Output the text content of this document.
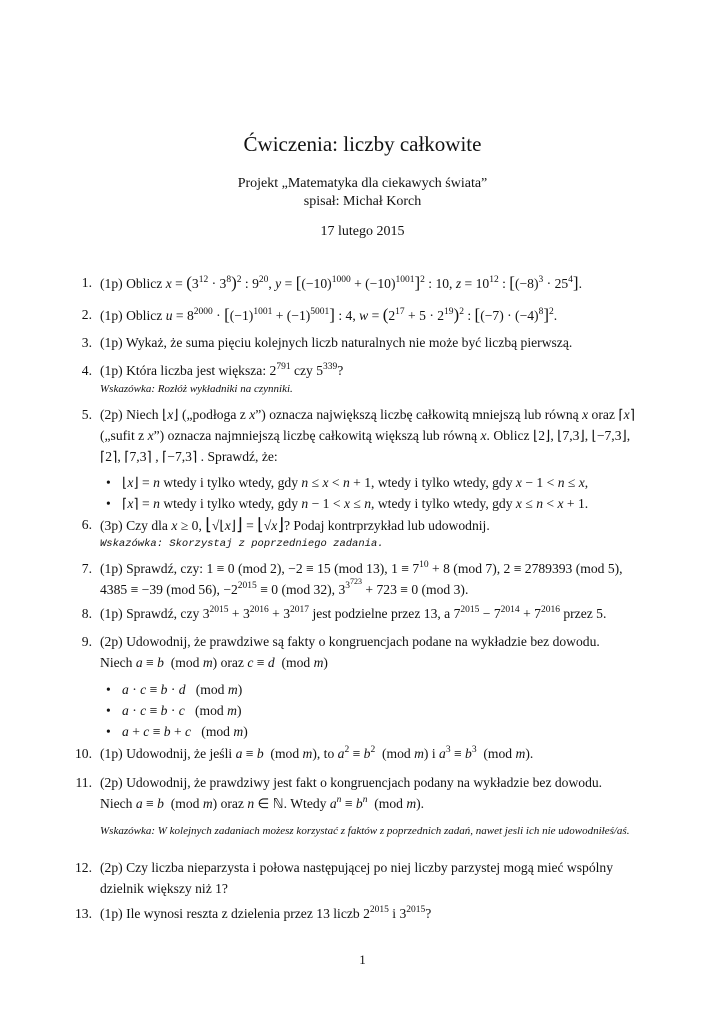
Ćwiczenia: liczby całkowite
Projekt „Matematyka dla ciekawych świata”
spisał: Michał Korch
17 lutego 2015
1. (1p) Oblicz $x = (3^{12} \cdot 3^8)^2$ : $9^{20}$, $y = [(-10)^{1000} + (-10)^{1001}]^2$ : 10, $z = 10^{12}$ : $[(-8)^3 \cdot 25^4]$.
2. (1p) Oblicz $u = 8^{2000} \cdot [(-1)^{1001} + (-1)^{5001}]$ : 4, $w = (2^{17} + 5 \cdot 2^{19})^2$ : $[(-7) \cdot (-4)^8]^2$.
3. (1p) Wykaż, że suma pięciu kolejnych liczb naturalnych nie może być liczbą pierwszą.
4. (1p) Która liczba jest większa: $2^{791}$ czy $5^{339}$?
Wskazówka: Rozłóż wykładniki na czynniki.
5. (2p) Niech ⌊x⌋ („podłoga z x”) oznacza największą liczbę całkowitą mniejszą lub równą x oraz ⌈x⌉ („sufit z x”) oznacza najmniejszą liczbę całkowitą większą lub równą x. Oblicz ⌊2⌋, ⌊7,3⌋, ⌊−7,3⌋, ⌈2⌉, ⌈7,3⌉ , ⌈−7,3⌉ . Sprawdź, że:
• ⌊x⌋ = n wtedy i tylko wtedy, gdy n ≤ x < n + 1, wtedy i tylko wtedy, gdy x − 1 < n ≤ x,
• ⌈x⌉ = n wtedy i tylko wtedy, gdy n − 1 < x ≤ n, wtedy i tylko wtedy, gdy x ≤ n < x + 1.
6. (3p) Czy dla x ≥ 0, ⌊√⌊x⌋⌋ = ⌊√x⌋? Podaj kontrprzykład lub udowodnij.
Wskazówka: Skorzystaj z poprzedniego zadania.
7. (1p) Sprawdź, czy: 1 ≡ 0 (mod 2), −2 ≡ 15 (mod 13), $1 \equiv 7^{10} + 8$ (mod 7), 2 ≡ 2789393 (mod 5), 4385 ≡ −39 (mod 56), $-2^{2015} \equiv 0$ (mod 32), $3^{3^{723}} + 723 \equiv 0$ (mod 3).
8. (1p) Sprawdź, czy $3^{2015} + 3^{2016} + 3^{2017}$ jest podzielne przez 13, a $7^{2015} - 7^{2014} + 7^{2016}$ przez 5.
9. (2p) Udowodnij, że prawdziwe są fakty o kongruencjach podane na wykładzie bez dowodu.
Niech a ≡ b  (mod m) oraz c ≡ d  (mod m)
• a · c ≡ b · d   (mod m)
• a · c ≡ b · c   (mod m)
• a + c ≡ b + c   (mod m)
10. (1p) Udowodnij, że jeśli a ≡ b  (mod m), to $a^2 \equiv b^2$  (mod m) i $a^3 \equiv b^3$  (mod m).
11. (2p) Udowodnij, że prawdziwy jest fakt o kongruencjach podany na wykładzie bez dowodu.
Niech a ≡ b  (mod m) oraz n ∈ ℕ. Wtedy $a^n \equiv b^n$  (mod m).
Wskazówka: W kolejnych zadaniach możesz korzystać z faktów z poprzednich zadań, nawet jesli ich nie udowodniłeś/aś.
12. (2p) Czy liczba nieparzysta i połowa następującej po niej liczby parzystej mogą mieć wspólny dzielnik większy niż 1?
13. (1p) Ile wynosi reszta z dzielenia przez 13 liczb $2^{2015}$ i $3^{2015}$?
1
